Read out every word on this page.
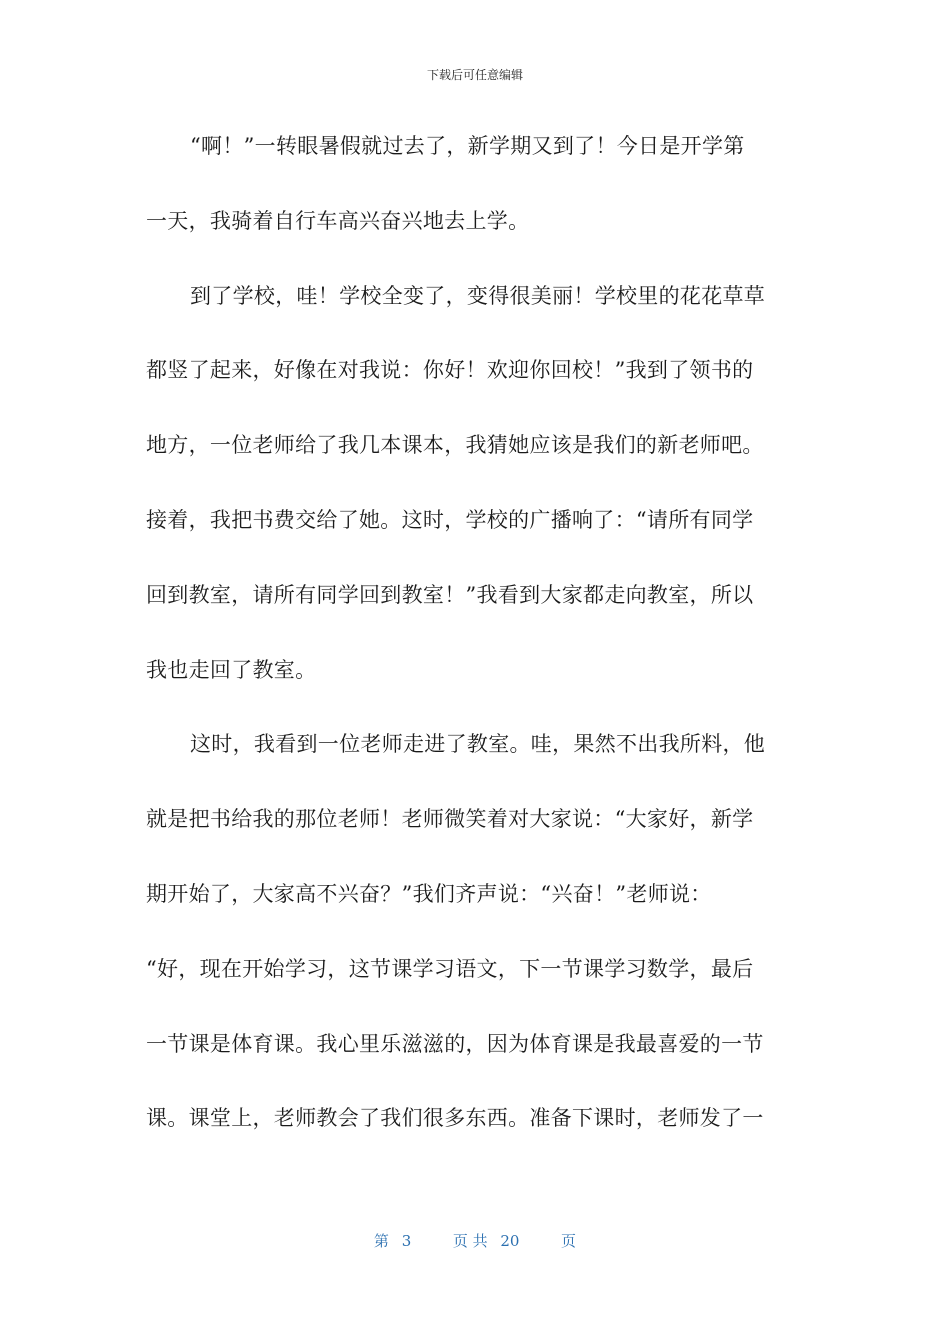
下载后可任意编辑
“啊！”一转眼暑假就过去了，新学期又到了！今日是开学第
一天，我骑着自行车高兴奋兴地去上学。
到了学校，哇！学校全变了，变得很美丽！学校里的花花草草
都竖了起来，好像在对我说：你好！欢迎你回校！”我到了领书的
地方，一位老师给了我几本课本，我猜她应该是我们的新老师吧。
接着，我把书费交给了她。这时，学校的广播响了：“请所有同学
回到教室，请所有同学回到教室！”我看到大家都走向教室，所以
我也走回了教室。
这时，我看到一位老师走进了教室。哇，果然不出我所料，他
就是把书给我的那位老师！老师微笑着对大家说：“大家好，新学
期开始了，大家高不兴奋？”我们齐声说：“兴奋！”老师说：
“好，现在开始学习，这节课学习语文，下一节课学习数学，最后
一节课是体育课。我心里乐滋滋的，因为体育课是我最喜爱的一节
课。课堂上，老师教会了我们很多东西。准备下课时，老师发了一
第 3	页 共 20	页
